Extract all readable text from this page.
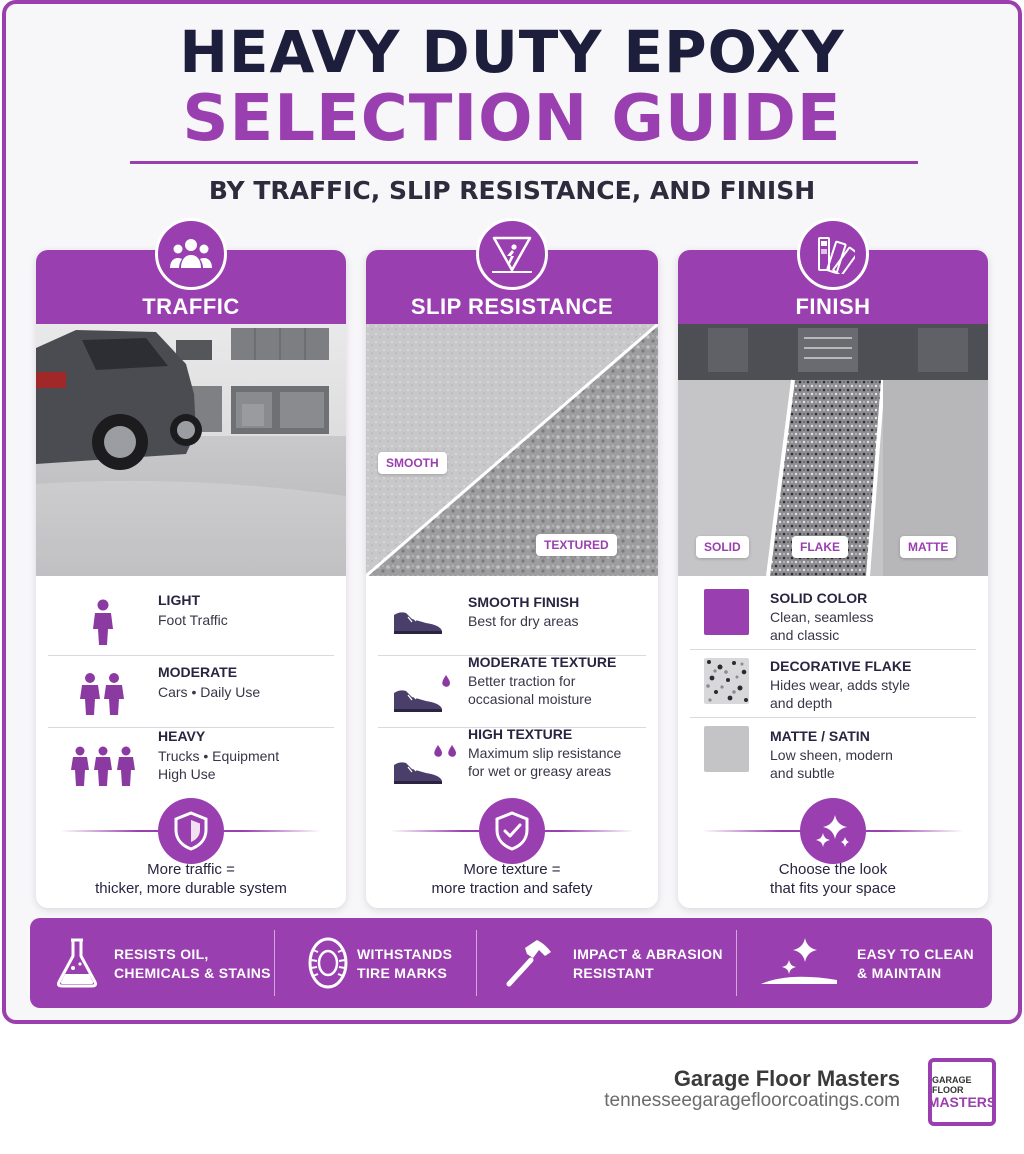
HEAVY DUTY EPOXY
SELECTION GUIDE
BY TRAFFIC, SLIP RESISTANCE, AND FINISH
TRAFFIC
LIGHT
Foot Traffic
MODERATE
Cars • Daily Use
HEAVY
Trucks • Equipment
High Use
More traffic =
thicker, more durable system
SLIP RESISTANCE
SMOOTH
TEXTURED
SMOOTH FINISH
Best for dry areas
MODERATE TEXTURE
Better traction for
occasional moisture
HIGH TEXTURE
Maximum slip resistance
for wet or greasy areas
More texture =
more traction and safety
FINISH
SOLID	FLAKE	MATTE
SOLID COLOR
Clean, seamless
and classic
DECORATIVE FLAKE
Hides wear, adds style
and depth
MATTE / SATIN
Low sheen, modern
and subtle
Choose the look
that fits your space
RESISTS OIL,
CHEMICALS & STAINS
WITHSTANDS
TIRE MARKS
IMPACT & ABRASION
RESISTANT
EASY TO CLEAN
& MAINTAIN
Garage Floor Masters
tennesseegaragefloorcoatings.com
GARAGE FLOOR
MASTERS
